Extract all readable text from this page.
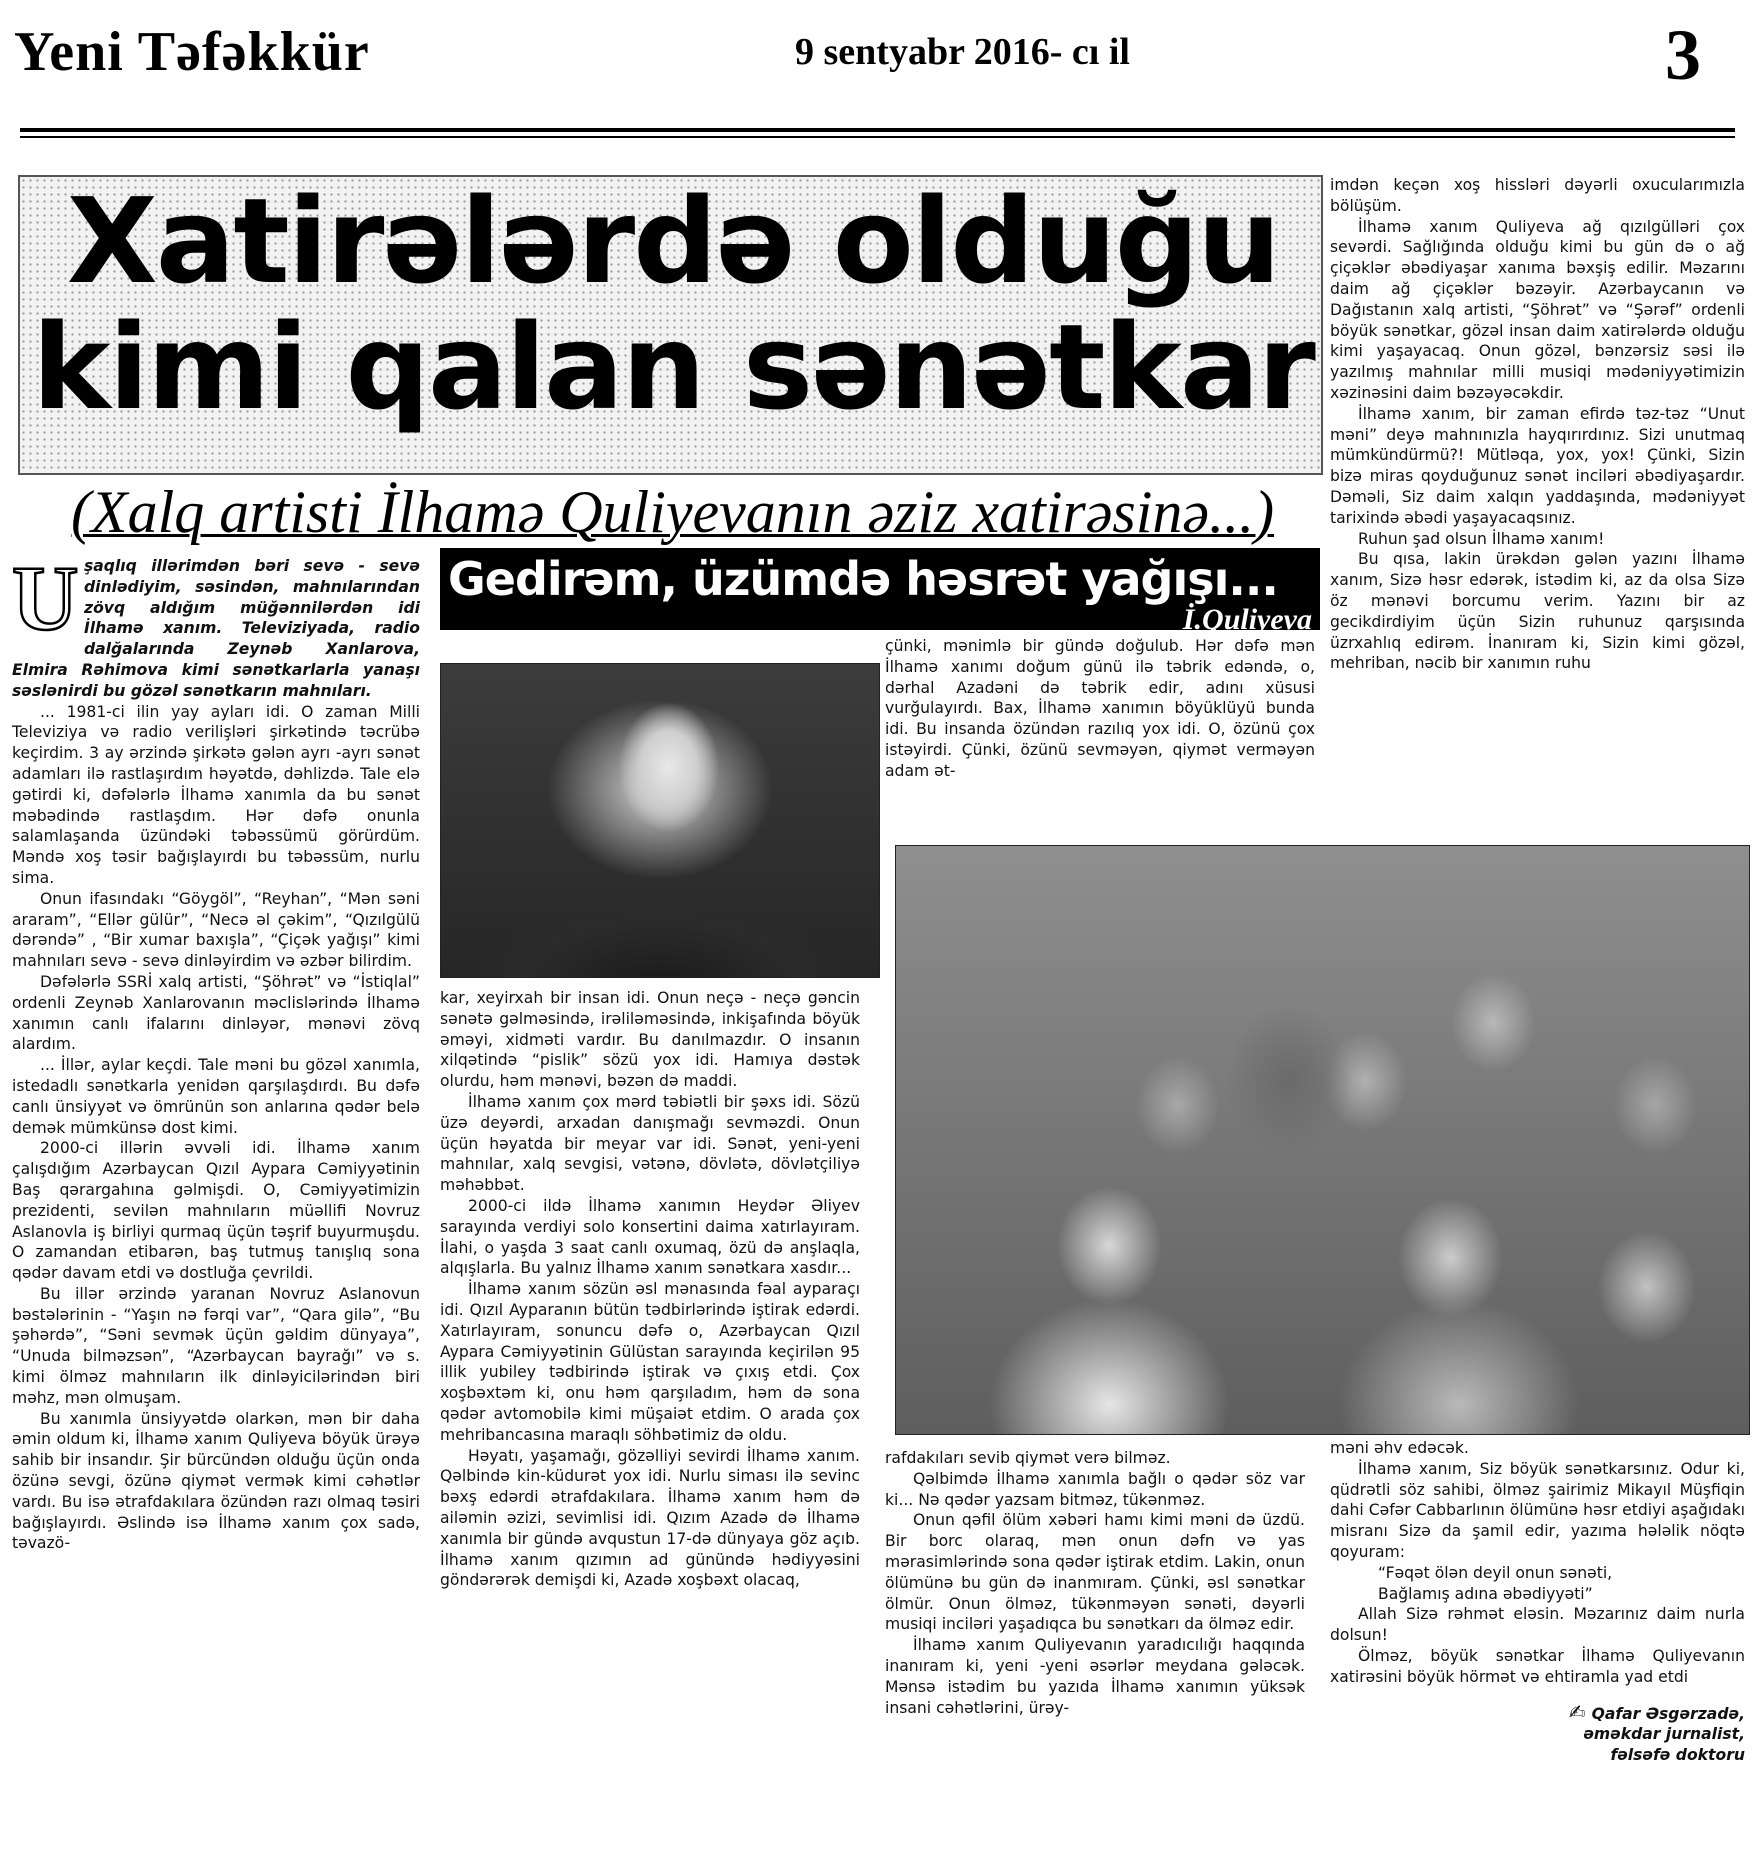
Yeni Təfəkkür	9 sentyabr 2016- cı il	3
Xatirələrdə olduğu
kimi qalan sənətkar
(Xalq artisti İlhamə Quliyevanın əziz xatirəsinə...)
Gedirəm, üzümdə həsrət yağışı...
İ.Quliyeva
U şaqlıq illərimdən bəri sevə - sevə dinlədiyim, səsindən, mahnılarından zövq aldığım müğənnilərdən idi İlhamə xanım. Televiziyada, radio dalğalarında Zeynəb Xanlarova, Elmira Rəhimova kimi sənətkarlarla yanaşı səslənirdi bu gözəl sənətkarın mahnıları.

... 1981-ci ilin yay ayları idi. O zaman Milli Televiziya və radio verilişləri şirkətində təcrübə keçirdim. 3 ay ərzində şirkətə gələn ayrı -ayrı sənət adamları ilə rastlaşırdım həyətdə, dəhlizdə. Tale elə gətirdi ki, dəfələrlə İlhamə xanımla da bu sənət məbədində rastlaşdım. Hər dəfə onunla salamlaşanda üzündəki təbəssümü görürdüm. Məndə xoş təsir bağışlayırdı bu təbəssüm, nurlu sima.

Onun ifasındakı “Göygöl”, “Reyhan”, “Mən səni araram”, “Ellər gülür”, “Necə əl çəkim”, “Qızılgülü dərəndə” , “Bir xumar baxışla”, “Çiçək yağışı” kimi mahnıları sevə - sevə dinləyirdim və əzbər bilirdim.

Dəfələrlə SSRİ xalq artisti, “Şöhrət” və “İstiqlal” ordenli Zeynəb Xanlarovanın məclislərində İlhamə xanımın canlı ifalarını dinləyər, mənəvi zövq alardım.

... İllər, aylar keçdi. Tale məni bu gözəl xanımla, istedadlı sənətkarla yenidən qarşılaşdırdı. Bu dəfə canlı ünsiyyət və ömrünün son anlarına qədər belə demək mümkünsə dost kimi.

2000-ci illərin əvvəli idi. İlhamə xanım çalışdığım Azərbaycan Qızıl Aypara Cəmiyyətinin Baş qərargahına gəlmişdi. O, Cəmiyyətimizin prezidenti, sevilən mahnıların müəllifi Novruz Aslanovla iş birliyi qurmaq üçün təşrif buyurmuşdu. O zamandan etibarən, baş tutmuş tanışlıq sona qədər davam etdi və dostluğa çevrildi.

Bu illər ərzində yaranan Novruz Aslanovun bəstələrinin - “Yaşın nə fərqi var”, “Qara gilə”, “Bu şəhərdə”, “Səni sevmək üçün gəldim dünyaya”, “Unuda bilməzsən”, “Azərbaycan bayrağı” və s. kimi ölməz mahnıların ilk dinləyicilərindən biri məhz, mən olmuşam.

Bu xanımla ünsiyyətdə olarkən, mən bir daha əmin oldum ki, İlhamə xanım Quliyeva böyük ürəyə sahib bir insandır. Şir bürcündən olduğu üçün onda özünə sevgi, özünə qiymət vermək kimi cəhətlər vardı. Bu isə ətrafdakılara özündən razı olmaq təsiri bağışlayırdı. Əslində isə İlhamə xanım çox sadə, təvazö-

kar, xeyirxah bir insan idi. Onun neçə - neçə gəncin sənətə gəlməsində, irəliləməsində, inkişafında böyük əməyi, xidməti vardır. Bu danılmazdır. O insanın xilqətində “pislik” sözü yox idi. Hamıya dəstək olurdu, həm mənəvi, bəzən də maddi.

İlhamə xanım çox mərd təbiətli bir şəxs idi. Sözü üzə deyərdi, arxadan danışmağı sevməzdi. Onun üçün həyatda bir meyar var idi. Sənət, yeni-yeni mahnılar, xalq sevgisi, vətənə, dövlətə, dövlətçiliyə məhəbbət.

2000-ci ildə İlhamə xanımın Heydər Əliyev sarayında verdiyi solo konsertini daima xatırlayıram. İlahi, o yaşda 3 saat canlı oxumaq, özü də anşlaqla, alqışlarla. Bu yalnız İlhamə xanım sənətkara xasdır...

İlhamə xanım sözün əsl mənasında fəal ayparaçı idi. Qızıl Ayparanın bütün tədbirlərində iştirak edərdi. Xatırlayıram, sonuncu dəfə o, Azərbaycan Qızıl Aypara Cəmiyyətinin Gülüstan sarayında keçirilən 95 illik yubiley tədbirində iştirak və çıxış etdi. Çox xoşbəxtəm ki, onu həm qarşıladım, həm də sona qədər avtomobilə kimi müşaiət etdim. O arada çox mehribancasına maraqlı söhbətimiz də oldu.

Həyatı, yaşamağı, gözəlliyi sevirdi İlhamə xanım. Qəlbində kin-küdurət yox idi. Nurlu siması ilə sevinc bəxş edərdi ətrafdakılara. İlhamə xanım həm də ailəmin əzizi, sevimlisi idi. Qızım Azadə də İlhamə xanımla bir gündə avqustun 17-də dünyaya göz açıb. İlhamə xanım qızımın ad günündə hədiyyəsini göndərərək demişdi ki, Azadə xoşbəxt olacaq,

çünki, mənimlə bir gündə doğulub. Hər dəfə mən İlhamə xanımı doğum günü ilə təbrik edəndə, o, dərhal Azadəni də təbrik edir, adını xüsusi vurğulayırdı. Bax, İlhamə xanımın böyüklüyü bunda idi. Bu insanda özündən razılıq yox idi. O, özünü çox istəyirdi. Çünki, özünü sevməyən, qiymət verməyən adam ət-

rafdakıları sevib qiymət verə bilməz.

Qəlbimdə İlhamə xanımla bağlı o qədər söz var ki... Nə qədər yazsam bitməz, tükənməz.

Onun qəfil ölüm xəbəri hamı kimi məni də üzdü. Bir borc olaraq, mən onun dəfn və yas mərasimlərində sona qədər iştirak etdim. Lakin, onun ölümünə bu gün də inanmıram. Çünki, əsl sənətkar ölmür. Onun ölməz, tükənməyən sənəti, dəyərli musiqi inciləri yaşadıqca bu sənətkarı da ölməz edir.

İlhamə xanım Quliyevanın yaradıcılığı haqqında inanıram ki, yeni -yeni əsərlər meydana gələcək. Mənsə istədim bu yazıda İlhamə xanımın yüksək insani cəhətlərini, ürəy-

imdən keçən xoş hissləri dəyərli oxucularımızla bölüşüm.

İlhamə xanım Quliyeva ağ qızılgülləri çox sevərdi. Sağlığında olduğu kimi bu gün də o ağ çiçəklər əbədiyaşar xanıma bəxşiş edilir. Məzarını daim ağ çiçəklər bəzəyir. Azərbaycanın və Dağıstanın xalq artisti, “Şöhrət” və “Şərəf” ordenli böyük sənətkar, gözəl insan daim xatirələrdə olduğu kimi yaşayacaq. Onun gözəl, bənzərsiz səsi ilə yazılmış mahnılar milli musiqi mədəniyyətimizin xəzinəsini daim bəzəyəcəkdir.

İlhamə xanım, bir zaman efirdə təz-təz “Unut məni” deyə mahnınızla hayqırırdınız. Sizi unutmaq mümkündürmü?! Mütləqa, yox, yox! Çünki, Sizin bizə miras qoyduğunuz sənət inciləri əbədiyaşardır. Dəməli, Siz daim xalqın yaddaşında, mədəniyyət tarixində əbədi yaşayacaqsınız.

Ruhun şad olsun İlhamə xanım!

Bu qısa, lakin ürəkdən gələn yazını İlhamə xanım, Sizə həsr edərək, istədim ki, az da olsa Sizə öz mənəvi borcumu verim. Yazını bir az gecikdirdiyim üçün Sizin ruhunuz qarşısında üzrxahlıq edirəm. İnanıram ki, Sizin kimi gözəl, mehriban, nəcib bir xanımın ruhu

məni əhv edəcək.

İlhamə xanım, Siz böyük sənətkarsınız. Odur ki, qüdrətli söz sahibi, ölməz şairimiz Mikayıl Müşfiqin dahi Cəfər Cabbarlının ölümünə həsr etdiyi aşağıdakı misranı Sizə da şamil edir, yazıma hələlik nöqtə qoyuram:

“Fəqət ölən deyil onun sənəti,

Bağlamış adına əbədiyyəti”

Allah Sizə rəhmət eləsin. Məzarınız daim nurla dolsun!

Ölməz, böyük sənətkar İlhamə Quliyevanın xatirəsini böyük hörmət və ehtiramla yad etdi

✍ Qafar Əsgərzadə,

əməkdar jurnalist,

fəlsəfə doktoru
